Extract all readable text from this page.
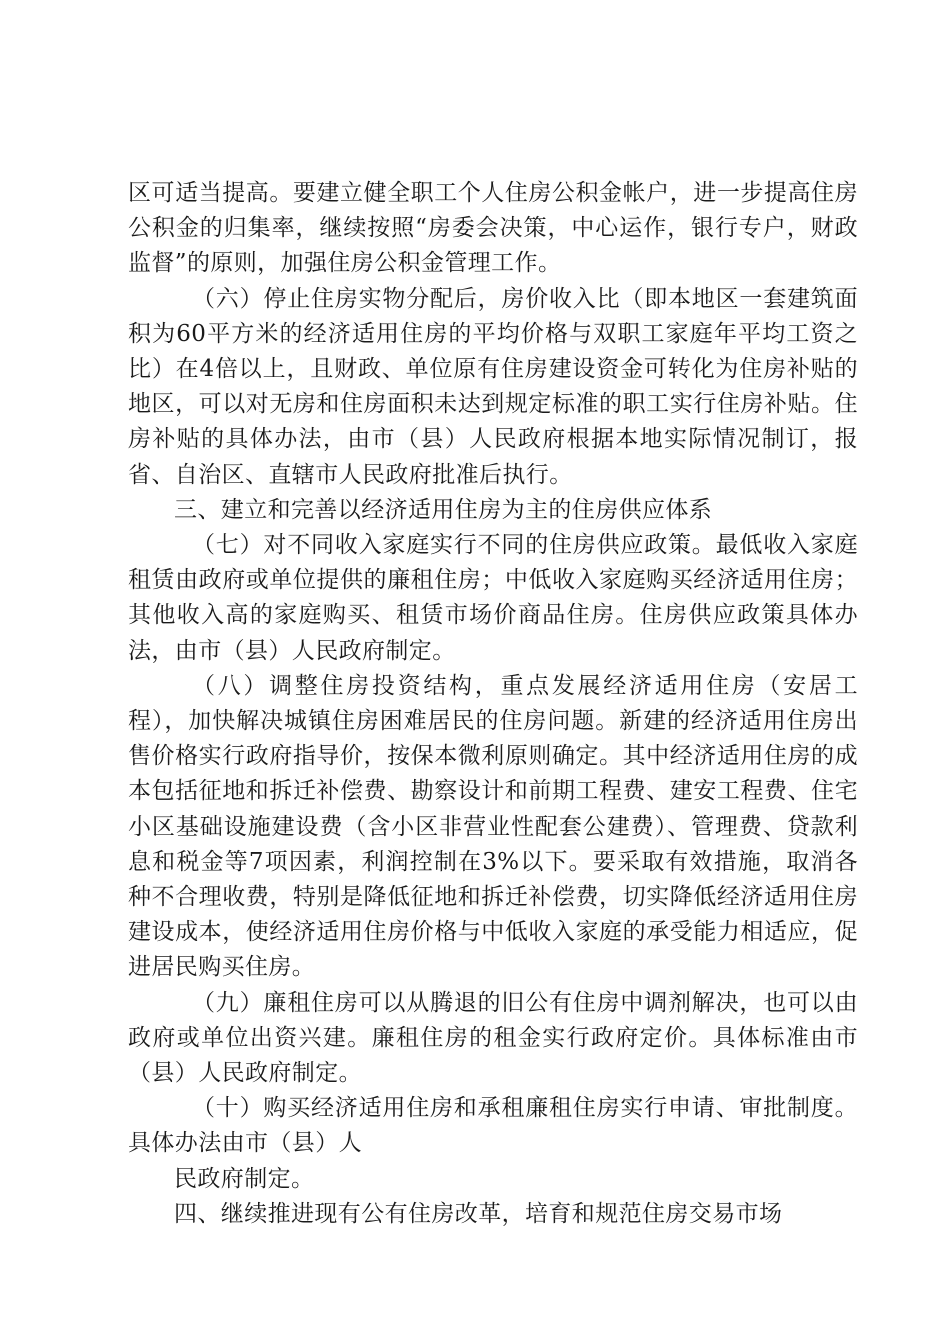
区可适当提高。要建立健全职工个人住房公积金帐户，进一步提高住房公积金的归集率，继续按照“房委会决策，中心运作，银行专户，财政监督”的原则，加强住房公积金管理工作。

（六）停止住房实物分配后，房价收入比（即本地区一套建筑面积为60平方米的经济适用住房的平均价格与双职工家庭年平均工资之比）在4倍以上，且财政、单位原有住房建设资金可转化为住房补贴的地区，可以对无房和住房面积未达到规定标准的职工实行住房补贴。住房补贴的具体办法，由市（县）人民政府根据本地实际情况制订，报省、自治区、直辖市人民政府批准后执行。

三、建立和完善以经济适用住房为主的住房供应体系

（七）对不同收入家庭实行不同的住房供应政策。最低收入家庭租赁由政府或单位提供的廉租住房；中低收入家庭购买经济适用住房；其他收入高的家庭购买、租赁市场价商品住房。住房供应政策具体办法，由市（县）人民政府制定。

（八）调整住房投资结构，重点发展经济适用住房（安居工程），加快解决城镇住房困难居民的住房问题。新建的经济适用住房出售价格实行政府指导价，按保本微利原则确定。其中经济适用住房的成本包括征地和拆迁补偿费、勘察设计和前期工程费、建安工程费、住宅小区基础设施建设费（含小区非营业性配套公建费）、管理费、贷款利息和税金等7项因素，利润控制在3%以下。要采取有效措施，取消各种不合理收费，特别是降低征地和拆迁补偿费，切实降低经济适用住房建设成本，使经济适用住房价格与中低收入家庭的承受能力相适应，促进居民购买住房。

（九）廉租住房可以从腾退的旧公有住房中调剂解决，也可以由政府或单位出资兴建。廉租住房的租金实行政府定价。具体标准由市（县）人民政府制定。

（十）购买经济适用住房和承租廉租住房实行申请、审批制度。具体办法由市（县）人

民政府制定。

四、继续推进现有公有住房改革，培育和规范住房交易市场
